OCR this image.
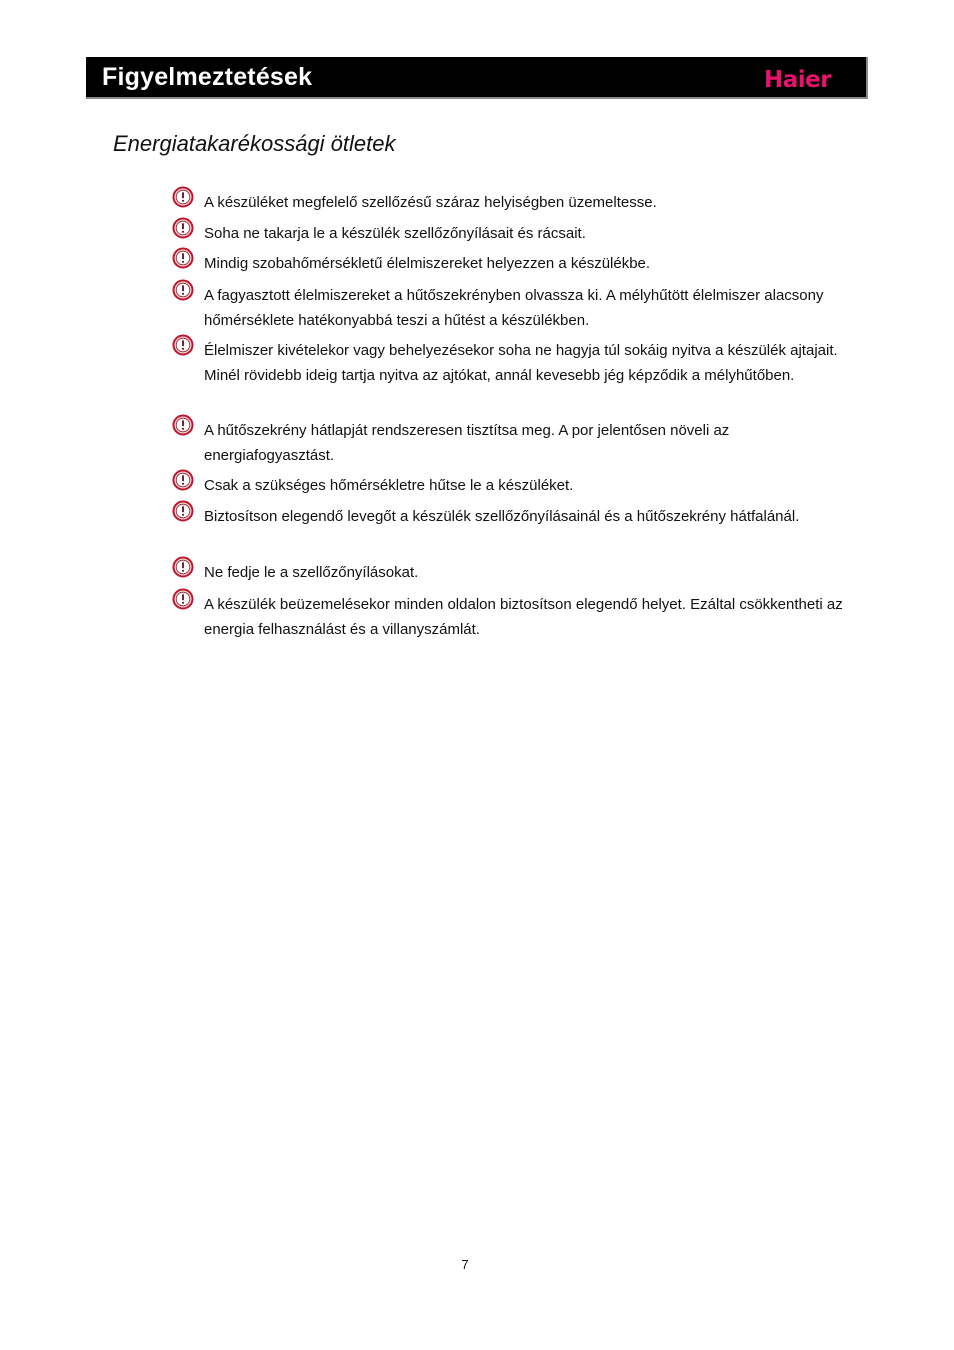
Figyelmeztetések	Haier
Energiatakarékossági ötletek
A készüléket megfelelő szellőzésű száraz helyiségben üzemeltesse.
Soha ne takarja le a készülék szellőzőnyílásait és rácsait.
Mindig szobahőmérsékletű élelmiszereket helyezzen a készülékbe.
A fagyasztott élelmiszereket a hűtőszekrényben olvassza ki. A mélyhűtött élelmiszer alacsony hőmérséklete hatékonyabbá teszi a hűtést a készülékben.
Élelmiszer kivételekor vagy behelyezésekor soha ne hagyja túl sokáig nyitva a készülék ajtajait. Minél rövidebb ideig tartja nyitva az ajtókat, annál kevesebb jég képződik a mélyhűtőben.
A hűtőszekrény hátlapját rendszeresen tisztítsa meg. A por jelentősen növeli az energiafogyasztást.
Csak a szükséges hőmérsékletre hűtse le a készüléket.
Biztosítson elegendő levegőt a készülék szellőzőnyílásainál és a hűtőszekrény hátfalánál.
Ne fedje le a szellőzőnyílásokat.
A készülék beüzemelésekor minden oldalon biztosítson elegendő helyet. Ezáltal csökkentheti az energia felhasználást és a villanyszámlát.
7
